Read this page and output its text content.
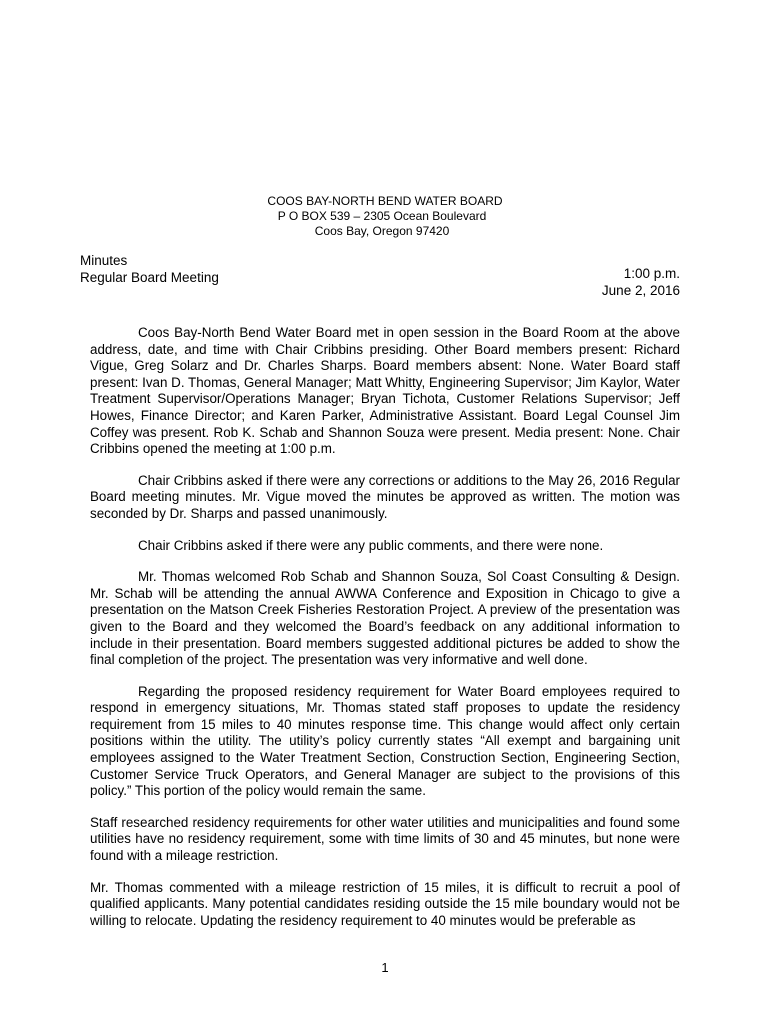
COOS BAY-NORTH BEND WATER BOARD
P O BOX 539 – 2305 Ocean Boulevard
Coos Bay, Oregon 97420
Minutes
Regular Board Meeting	1:00 p.m.
June 2, 2016

Coos Bay-North Bend Water Board met in open session in the Board Room at the above address, date, and time with Chair Cribbins presiding. Other Board members present: Richard Vigue, Greg Solarz and Dr. Charles Sharps. Board members absent: None. Water Board staff present: Ivan D. Thomas, General Manager; Matt Whitty, Engineering Supervisor; Jim Kaylor, Water Treatment Supervisor/Operations Manager; Bryan Tichota, Customer Relations Supervisor; Jeff Howes, Finance Director; and Karen Parker, Administrative Assistant. Board Legal Counsel Jim Coffey was present. Rob K. Schab and Shannon Souza were present. Media present: None. Chair Cribbins opened the meeting at 1:00 p.m.

Chair Cribbins asked if there were any corrections or additions to the May 26, 2016 Regular Board meeting minutes. Mr. Vigue moved the minutes be approved as written. The motion was seconded by Dr. Sharps and passed unanimously.

Chair Cribbins asked if there were any public comments, and there were none.

Mr. Thomas welcomed Rob Schab and Shannon Souza, Sol Coast Consulting & Design. Mr. Schab will be attending the annual AWWA Conference and Exposition in Chicago to give a presentation on the Matson Creek Fisheries Restoration Project. A preview of the presentation was given to the Board and they welcomed the Board’s feedback on any additional information to include in their presentation. Board members suggested additional pictures be added to show the final completion of the project. The presentation was very informative and well done.

Regarding the proposed residency requirement for Water Board employees required to respond in emergency situations, Mr. Thomas stated staff proposes to update the residency requirement from 15 miles to 40 minutes response time. This change would affect only certain positions within the utility. The utility’s policy currently states “All exempt and bargaining unit employees assigned to the Water Treatment Section, Construction Section, Engineering Section, Customer Service Truck Operators, and General Manager are subject to the provisions of this policy.” This portion of the policy would remain the same.

Staff researched residency requirements for other water utilities and municipalities and found some utilities have no residency requirement, some with time limits of 30 and 45 minutes, but none were found with a mileage restriction.

Mr. Thomas commented with a mileage restriction of 15 miles, it is difficult to recruit a pool of qualified applicants. Many potential candidates residing outside the 15 mile boundary would not be willing to relocate. Updating the residency requirement to 40 minutes would be preferable as

1
